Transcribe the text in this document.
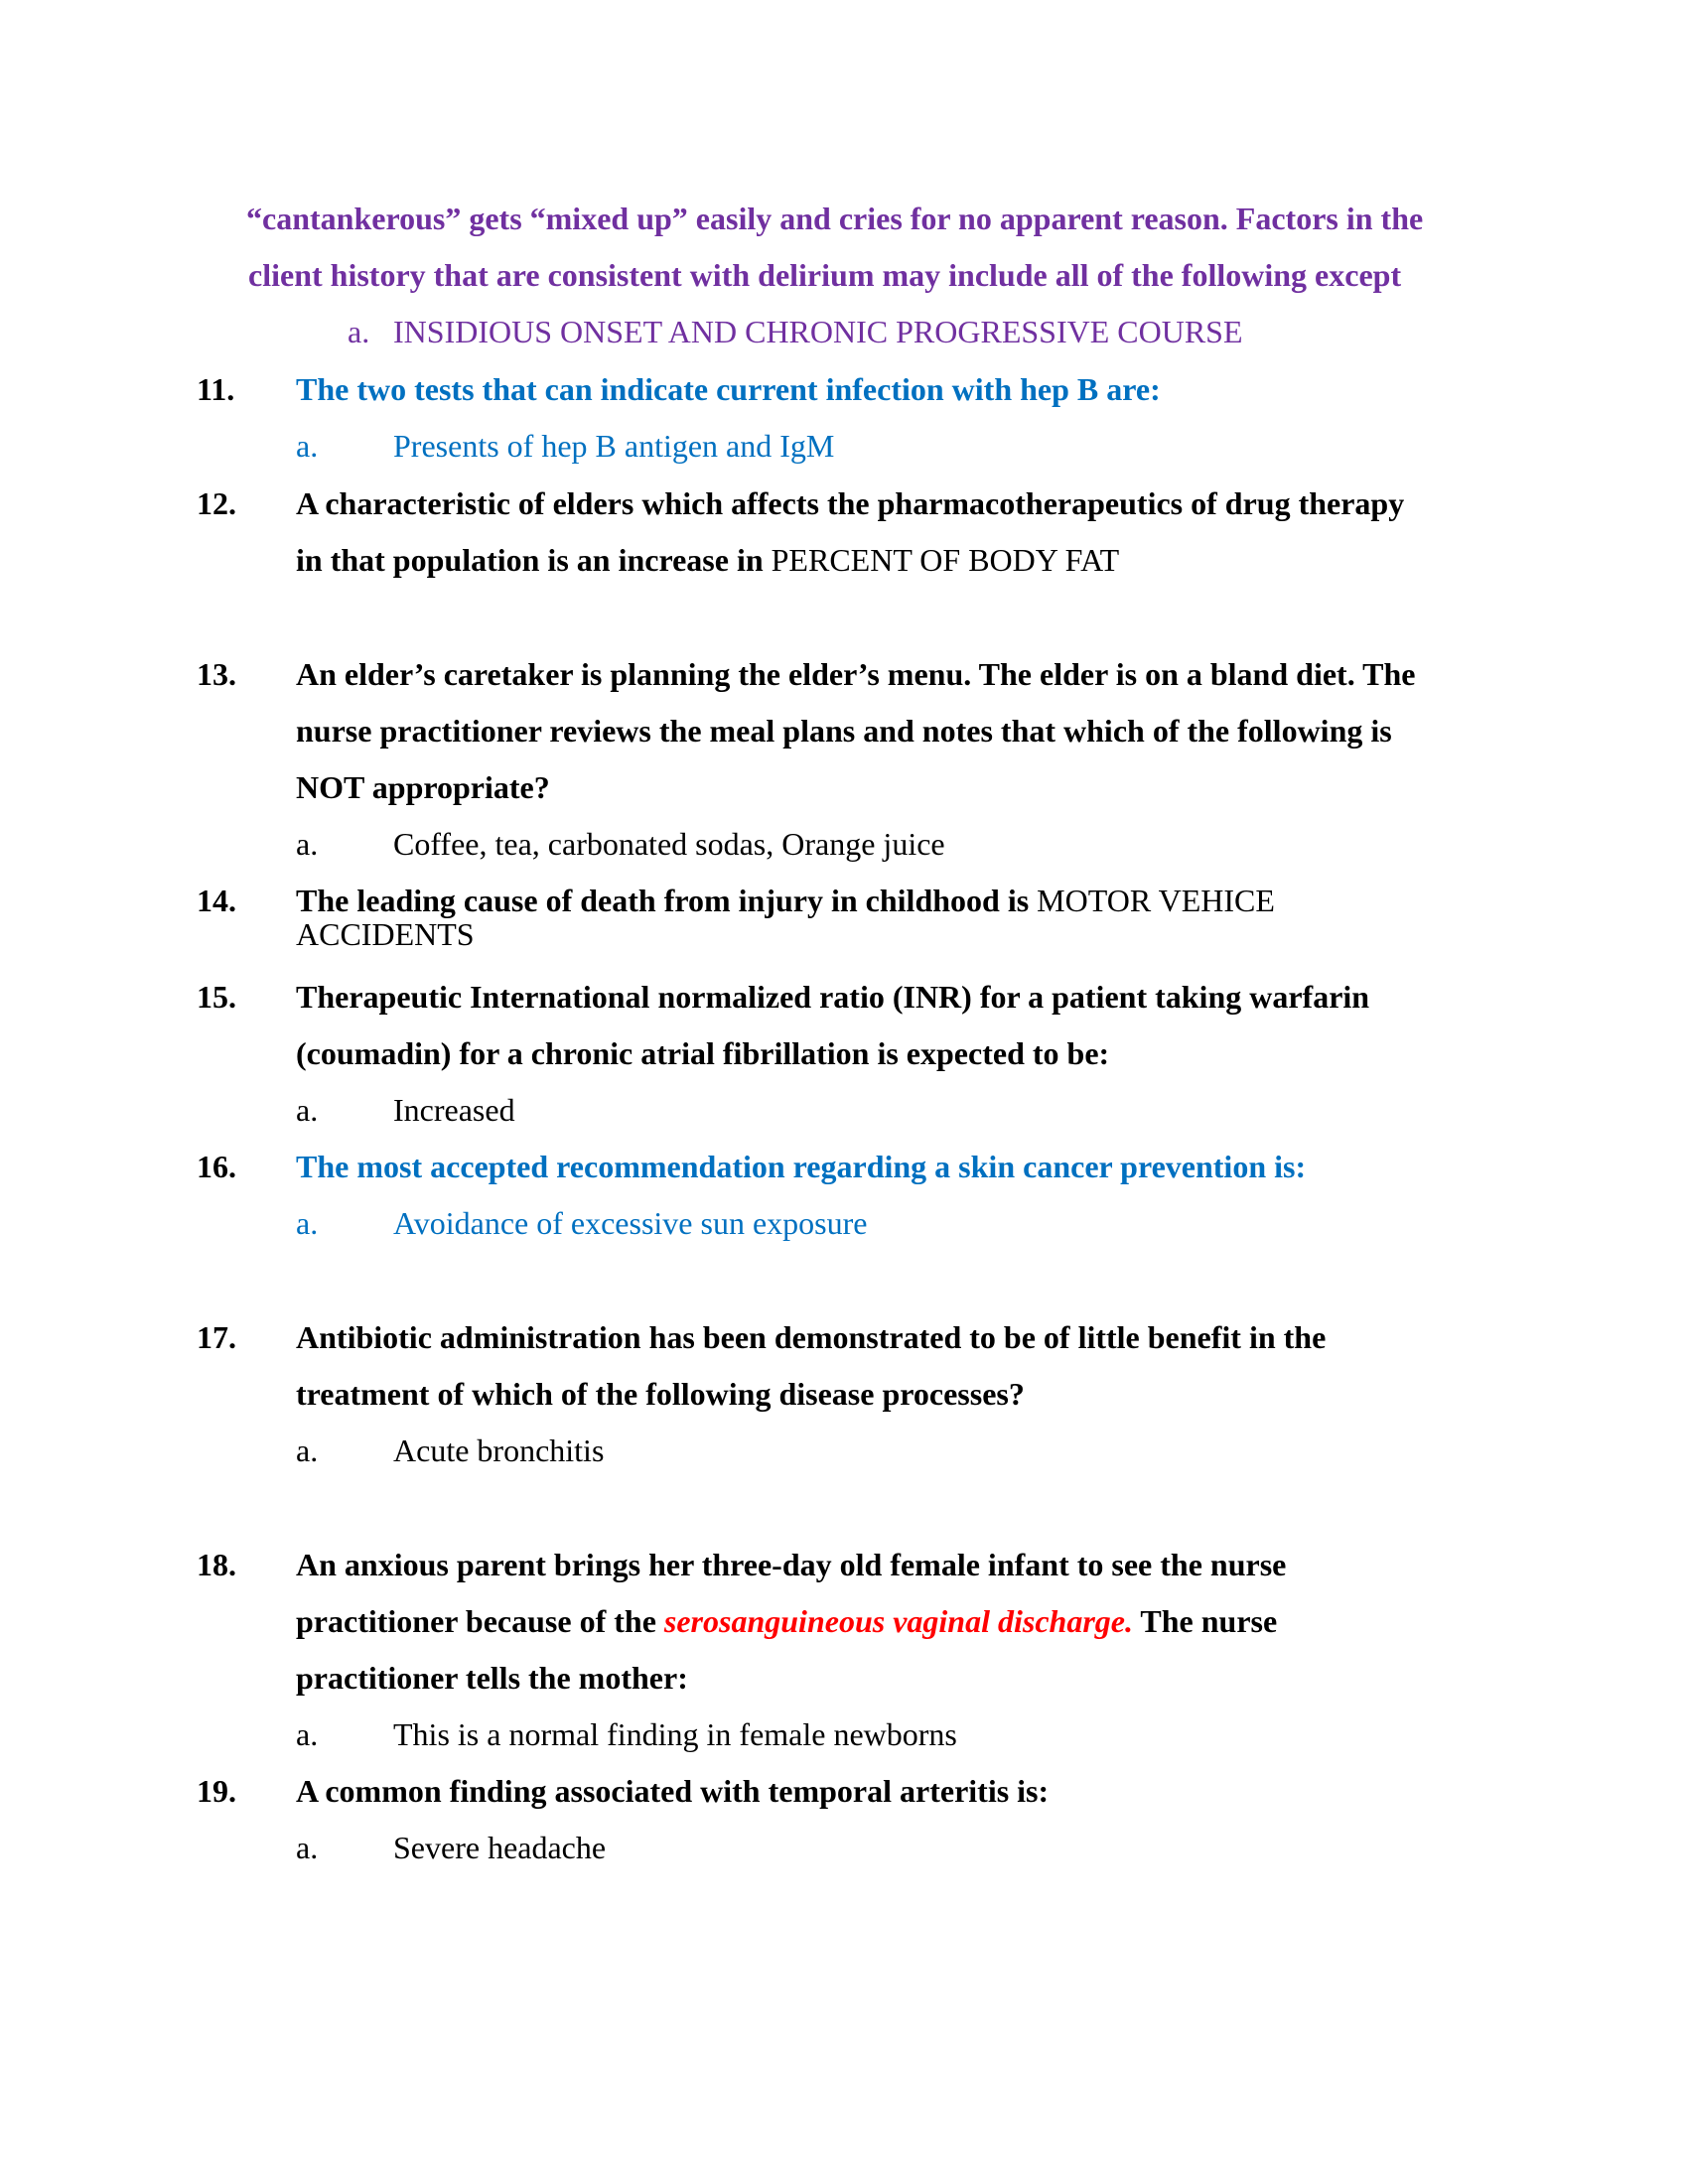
“cantankerous” gets “mixed up” easily and cries for no apparent reason. Factors in the
client history that are consistent with delirium may include all of the following except
a. INSIDIOUS ONSET AND CHRONIC PROGRESSIVE COURSE
11. The two tests that can indicate current infection with hep B are:
a. Presents of hep B antigen and IgM
12. A characteristic of elders which affects the pharmacotherapeutics of drug therapy
in that population is an increase in PERCENT OF BODY FAT
13. An elder’s caretaker is planning the elder’s menu. The elder is on a bland diet. The
nurse practitioner reviews the meal plans and notes that which of the following is
NOT appropriate?
a. Coffee, tea, carbonated sodas, Orange juice
14. The leading cause of death from injury in childhood is MOTOR VEHICE
ACCIDENTS
15. Therapeutic International normalized ratio (INR) for a patient taking warfarin
(coumadin) for a chronic atrial fibrillation is expected to be:
a. Increased
16. The most accepted recommendation regarding a skin cancer prevention is:
a. Avoidance of excessive sun exposure
17. Antibiotic administration has been demonstrated to be of little benefit in the
treatment of which of the following disease processes?
a. Acute bronchitis
18. An anxious parent brings her three-day old female infant to see the nurse
practitioner because of the serosanguineous vaginal discharge. The nurse
practitioner tells the mother:
a. This is a normal finding in female newborns
19. A common finding associated with temporal arteritis is:
a. Severe headache
